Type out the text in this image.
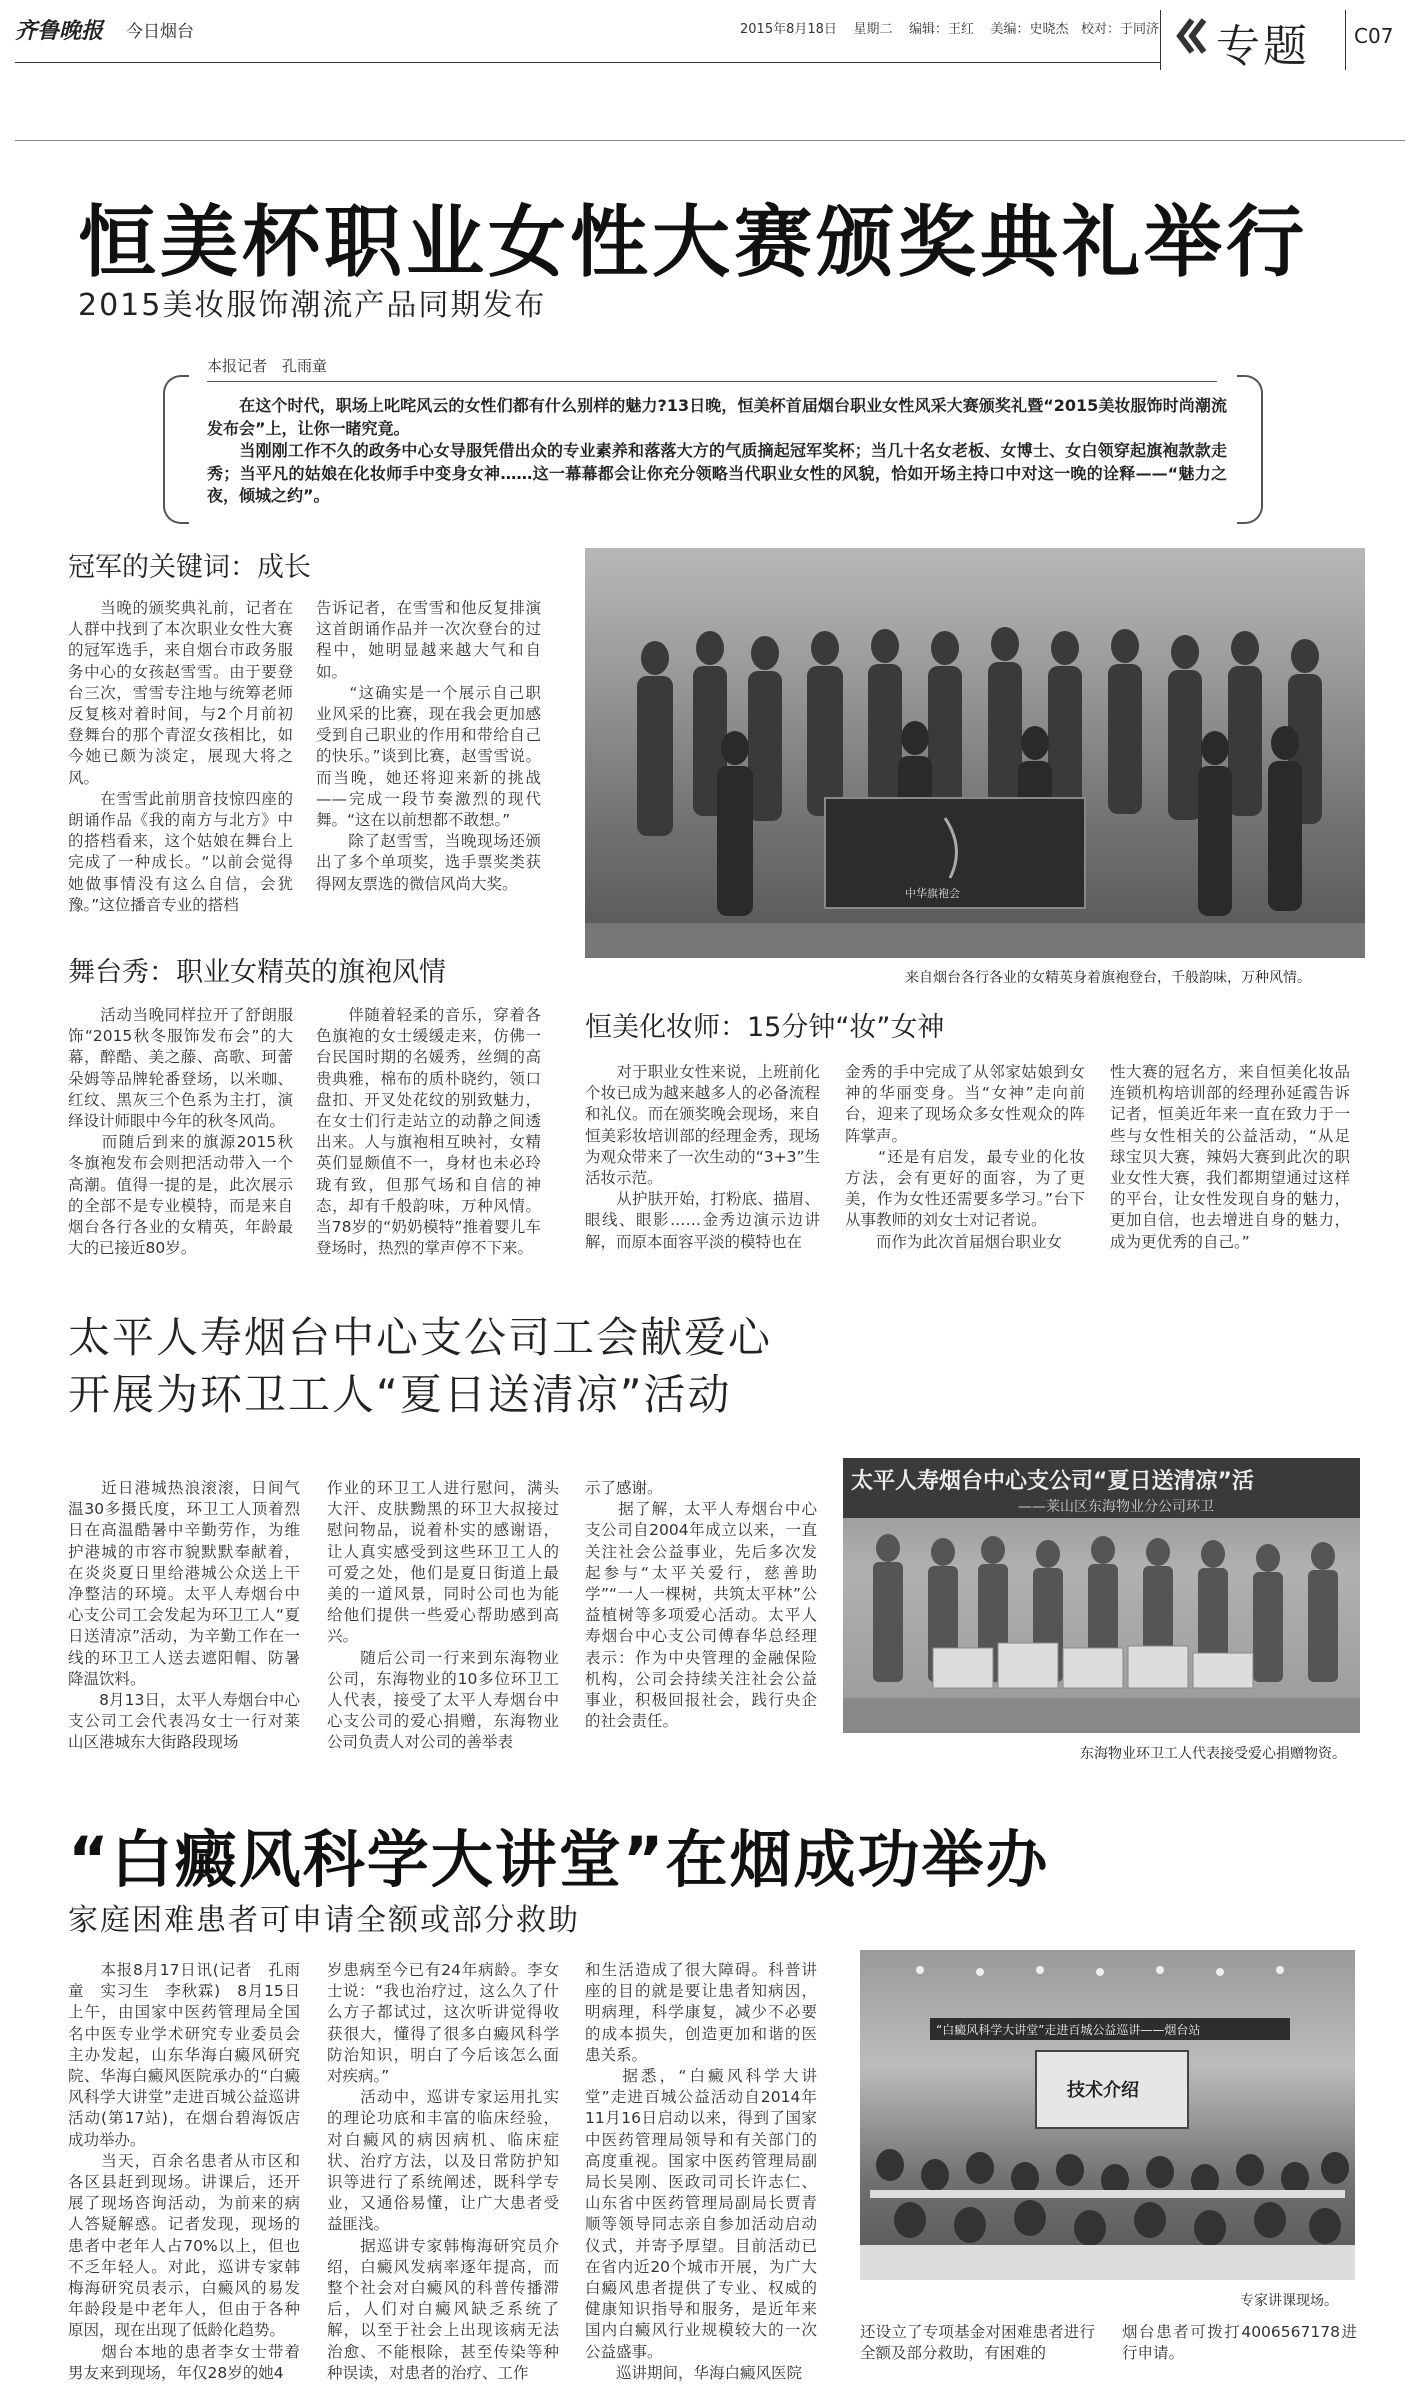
齐鲁晚报 今日烟台	2015年8月18日 星期二 编辑：王红 美编：史晓杰 校对：于同济 专题 C07
恒美杯职业女性大赛颁奖典礼举行
2015美妆服饰潮流产品同期发布
本报记者　孔雨童
　　在这个时代，职场上叱咤风云的女性们都有什么别样的魅力?13日晚，恒美杯首届烟台职业女性风采大赛颁奖礼暨“2015美妆服饰时尚潮流发布会”上，让你一睹究竟。
　　当刚刚工作不久的政务中心女导服凭借出众的专业素养和落落大方的气质摘起冠军奖杯；当几十名女老板、女博士、女白领穿起旗袍款款走秀；当平凡的姑娘在化妆师手中变身女神……这一幕幕都会让你充分领略当代职业女性的风貌，恰如开场主持口中对这一晚的诠释——“魅力之夜，倾城之约”。
冠军的关键词：成长
　　当晚的颁奖典礼前，记者在人群中找到了本次职业女性大赛的冠军选手，来自烟台市政务服务中心的女孩赵雪雪。由于要登台三次，雪雪专注地与统筹老师反复核对着时间，与2个月前初登舞台的那个青涩女孩相比，如今她已颇为淡定，展现大将之风。
　　在雪雪此前朋音技惊四座的朗诵作品《我的南方与北方》中的搭档看来，这个姑娘在舞台上完成了一种成长。“以前会觉得她做事情没有这么自信，会犹豫。”这位播音专业的搭档
告诉记者，在雪雪和他反复排演这首朗诵作品并一次次登台的过程中，她明显越来越大气和自如。
　　“这确实是一个展示自己职业风采的比赛，现在我会更加感受到自己职业的作用和带给自己的快乐。”谈到比赛，赵雪雪说。而当晚，她还将迎来新的挑战——完成一段节奏激烈的现代舞。“这在以前想都不敢想。”
　　除了赵雪雪，当晚现场还颁出了多个单项奖，选手票奖类获得网友票选的微信风尚大奖。
中华旗袍会
来自烟台各行各业的女精英身着旗袍登台，千般韵味，万种风情。
舞台秀：职业女精英的旗袍风情
　　活动当晚同样拉开了舒朗服饰“2015秋冬服饰发布会”的大幕，醉酷、美之藤、高歌、珂蕾朵姆等品牌轮番登场，以米咖、红纹、黑灰三个色系为主打，演绎设计师眼中今年的秋冬风尚。
　　而随后到来的旗源2015秋冬旗袍发布会则把活动带入一个高潮。值得一提的是，此次展示的全部不是专业模特，而是来自烟台各行各业的女精英，年龄最大的已接近80岁。
　　伴随着轻柔的音乐，穿着各色旗袍的女士缓缓走来，仿佛一台民国时期的名媛秀，丝绸的高贵典雅，棉布的质朴晓约，领口盘扣、开叉处花纹的别致魅力，在女士们行走站立的动静之间透出来。人与旗袍相互映衬，女精英们显颇值不一，身材也未必玲珑有致，但那气场和自信的神态，却有千般韵味，万种风情。当78岁的“奶奶模特”推着婴儿车登场时，热烈的掌声停不下来。
恒美化妆师：15分钟“妆”女神
　　对于职业女性来说，上班前化个妆已成为越来越多人的必备流程和礼仪。而在颁奖晚会现场，来自恒美彩妆培训部的经理金秀，现场为观众带来了一次生动的“3+3”生活妆示范。
　　从护肤开始，打粉底、描眉、眼线、眼影……金秀边演示边讲解，而原本面容平淡的模特也在
金秀的手中完成了从邻家姑娘到女神的华丽变身。当“女神”走向前台，迎来了现场众多女性观众的阵阵掌声。
　　“还是有启发，最专业的化妆方法，会有更好的面容，为了更美，作为女性还需要多学习。”台下从事教师的刘女士对记者说。
　　而作为此次首届烟台职业女
性大赛的冠名方，来自恒美化妆品连锁机构培训部的经理孙延霞告诉记者，恒美近年来一直在致力于一些与女性相关的公益活动，“从足球宝贝大赛，辣妈大赛到此次的职业女性大赛，我们都期望通过这样的平台，让女性发现自身的魅力，更加自信，也去增进自身的魅力，成为更优秀的自己。”
太平人寿烟台中心支公司工会献爱心
开展为环卫工人“夏日送清凉”活动
　　近日港城热浪滚滚，日间气温30多摄氏度，环卫工人顶着烈日在高温酷暑中辛勤劳作，为维护港城的市容市貌默默奉献着，在炎炎夏日里给港城公众送上干净整洁的环境。太平人寿烟台中心支公司工会发起为环卫工人“夏日送清凉”活动，为辛勤工作在一线的环卫工人送去遮阳帽、防暑降温饮料。
　　8月13日，太平人寿烟台中心支公司工会代表冯女士一行对莱山区港城东大街路段现场
作业的环卫工人进行慰问，满头大汗、皮肤黝黑的环卫大叔接过慰问物品，说着朴实的感谢语，让人真实感受到这些环卫工人的可爱之处，他们是夏日街道上最美的一道风景，同时公司也为能给他们提供一些爱心帮助感到高兴。
　　随后公司一行来到东海物业公司，东海物业的10多位环卫工人代表，接受了太平人寿烟台中心支公司的爱心捐赠，东海物业公司负责人对公司的善举表
示了感谢。
　　据了解，太平人寿烟台中心支公司自2004年成立以来，一直关注社会公益事业，先后多次发起参与“太平关爱行，慈善助学”“一人一棵树，共筑太平林”公益植树等多项爱心活动。太平人寿烟台中心支公司傅春华总经理表示：作为中央管理的金融保险机构，公司会持续关注社会公益事业，积极回报社会，践行央企的社会责任。
太平人寿烟台中心支公司“夏日送清凉”活
——莱山区东海物业分公司环卫
东海物业环卫工人代表接受爱心捐赠物资。
“白癜风科学大讲堂”在烟成功举办
家庭困难患者可申请全额或部分救助
　　本报8月17日讯(记者　孔雨童　实习生　李秋霖)　8月15日上午，由国家中医药管理局全国名中医专业学术研究专业委员会主办发起，山东华海白癜风研究院、华海白癜风医院承办的“白癜风科学大讲堂”走进百城公益巡讲活动(第17站)，在烟台碧海饭店成功举办。
　　当天，百余名患者从市区和各区县赶到现场。讲课后，还开展了现场咨询活动，为前来的病人答疑解惑。记者发现，现场的患者中老年人占70%以上，但也不乏年轻人。对此，巡讲专家韩梅海研究员表示，白癜风的易发年龄段是中老年人，但由于各种原因，现在出现了低龄化趋势。
　　烟台本地的患者李女士带着男友来到现场，年仅28岁的她4
岁患病至今已有24年病龄。李女士说：“我也治疗过，这么久了什么方子都试过，这次听讲觉得收获很大，懂得了很多白癜风科学防治知识，明白了今后该怎么面对疾病。”
　　活动中，巡讲专家运用扎实的理论功底和丰富的临床经验，对白癜风的病因病机、临床症状、治疗方法，以及日常防护知识等进行了系统阐述，既科学专业，又通俗易懂，让广大患者受益匪浅。
　　据巡讲专家韩梅海研究员介绍，白癜风发病率逐年提高，而整个社会对白癜风的科普传播滞后，人们对白癜风缺乏系统了解，以至于社会上出现该病无法治愈、不能根除，甚至传染等种种误读，对患者的治疗、工作
和生活造成了很大障碍。科普讲座的目的就是要让患者知病因，明病理，科学康复，减少不必要的成本损失，创造更加和谐的医患关系。
　　据悉，“白癜风科学大讲堂”走进百城公益活动自2014年11月16日启动以来，得到了国家中医药管理局领导和有关部门的高度重视。国家中医药管理局副局长吴刚、医政司司长许志仁、山东省中医药管理局副局长贾青顺等领导同志亲自参加活动启动仪式，并寄予厚望。目前活动已在省内近20个城市开展，为广大白癜风患者提供了专业、权威的健康知识指导和服务，是近年来国内白癜风行业规模较大的一次公益盛事。
　　巡讲期间，华海白癜风医院
“白癜风科学大讲堂”走进百城公益巡讲——烟台站
技术介绍
专家讲课现场。
还设立了专项基金对困难患者进行全额及部分救助，有困难的
烟台患者可拨打4006567178进行申请。
